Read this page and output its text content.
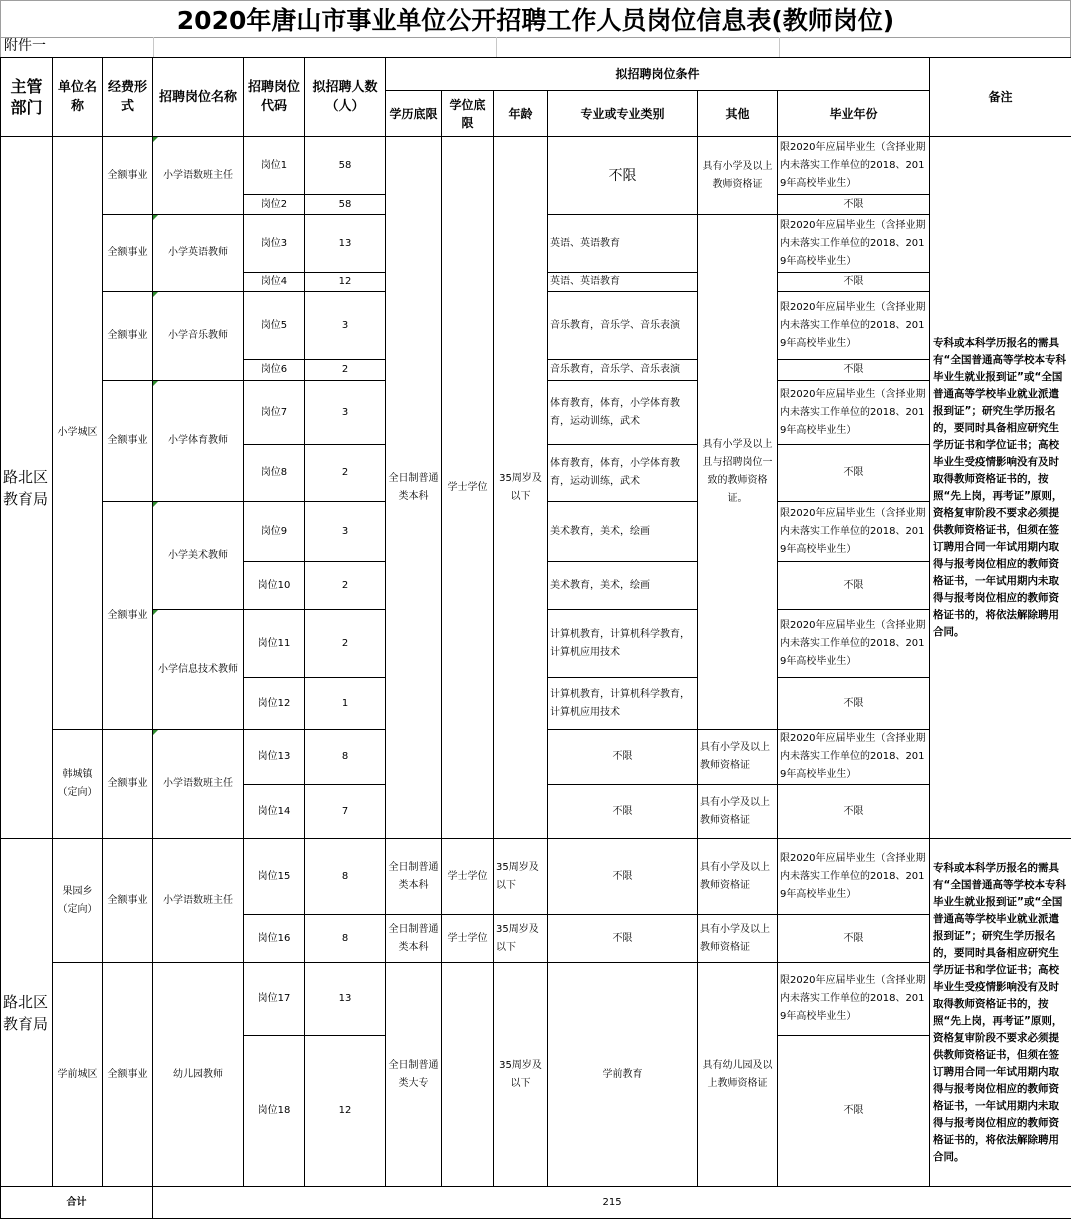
2020年唐山市事业单位公开招聘工作人员岗位信息表(教师岗位)
附件一
主管部门	单位名称	经费形式	招聘岗位名称	招聘岗位代码	拟招聘人数（人）	拟招聘岗位条件						备注
						学历底限	学位底限	年龄	专业或专业类别	其他	毕业年份	
路北区教育局	小学城区	全额事业	小学语数班主任	岗位1	58	全日制普通类本科	学士学位	35周岁及以下	不限	具有小学及以上教师资格证	限2020年应届毕业生（含择业期内未落实工作单位的2018、2019年高校毕业生）	专科或本科学历报名的需具有“全国普通高等学校本专科毕业生就业报到证”或“全国普通高等学校毕业就业派遣报到证”；研究生学历报名的，要同时具备相应研究生学历证书和学位证书；高校毕业生受疫情影响没有及时取得教师资格证书的，按照“先上岗，再考证”原则，资格复审阶段不要求必须提供教师资格证书，但须在签订聘用合同一年试用期内取得与报考岗位相应的教师资格证书，一年试用期内未取得与报考岗位相应的教师资格证书的，将依法解除聘用合同。
				岗位2	58						不限	
		全额事业	小学英语教师	岗位3	13				英语、英语教育	具有小学及以上且与招聘岗位一致的教师资格证。	限2020年应届毕业生（含择业期内未落实工作单位的2018、2019年高校毕业生）	
				岗位4	12				英语、英语教育		不限	
		全额事业	小学音乐教师	岗位5	3				音乐教育，音乐学、音乐表演		限2020年应届毕业生（含择业期内未落实工作单位的2018、2019年高校毕业生）	
				岗位6	2				音乐教育，音乐学、音乐表演		不限	
		全额事业	小学体育教师	岗位7	3				体育教育，体育，小学体育教育，运动训练，武术		限2020年应届毕业生（含择业期内未落实工作单位的2018、2019年高校毕业生）	
				岗位8	2				体育教育，体育，小学体育教育，运动训练，武术		不限	
		全额事业	小学美术教师	岗位9	3				美术教育，美术，绘画		限2020年应届毕业生（含择业期内未落实工作单位的2018、2019年高校毕业生）	
				岗位10	2				美术教育，美术，绘画		不限	
			小学信息技术教师	岗位11	2				计算机教育，计算机科学教育，计算机应用技术		限2020年应届毕业生（含择业期内未落实工作单位的2018、2019年高校毕业生）	
				岗位12	1				计算机教育，计算机科学教育，计算机应用技术		不限	
	韩城镇（定向）	全额事业	小学语数班主任	岗位13	8				不限	具有小学及以上教师资格证	限2020年应届毕业生（含择业期内未落实工作单位的2018、2019年高校毕业生）	
				岗位14	7				不限	具有小学及以上教师资格证	不限	
路北区教育局	果园乡（定向）	全额事业	小学语数班主任	岗位15	8	全日制普通类本科	学士学位	35周岁及以下	不限	具有小学及以上教师资格证	限2020年应届毕业生（含择业期内未落实工作单位的2018、2019年高校毕业生）	专科或本科学历报名的需具有“全国普通高等学校本专科毕业生就业报到证”或“全国普通高等学校毕业就业派遣报到证”；研究生学历报名的，要同时具备相应研究生学历证书和学位证书；高校毕业生受疫情影响没有及时取得教师资格证书的，按照“先上岗，再考证”原则，资格复审阶段不要求必须提供教师资格证书，但须在签订聘用合同一年试用期内取得与报考岗位相应的教师资格证书，一年试用期内未取得与报考岗位相应的教师资格证书的，将依法解除聘用合同。
				岗位16	8	全日制普通类本科	学士学位	35周岁及以下	不限	具有小学及以上教师资格证	不限	
	学前城区	全额事业	幼儿园教师	岗位17	13	全日制普通类大专		35周岁及以下	学前教育	具有幼儿园及以上教师资格证	限2020年应届毕业生（含择业期内未落实工作单位的2018、2019年高校毕业生）	
				岗位18	12						不限	
合计			215									
